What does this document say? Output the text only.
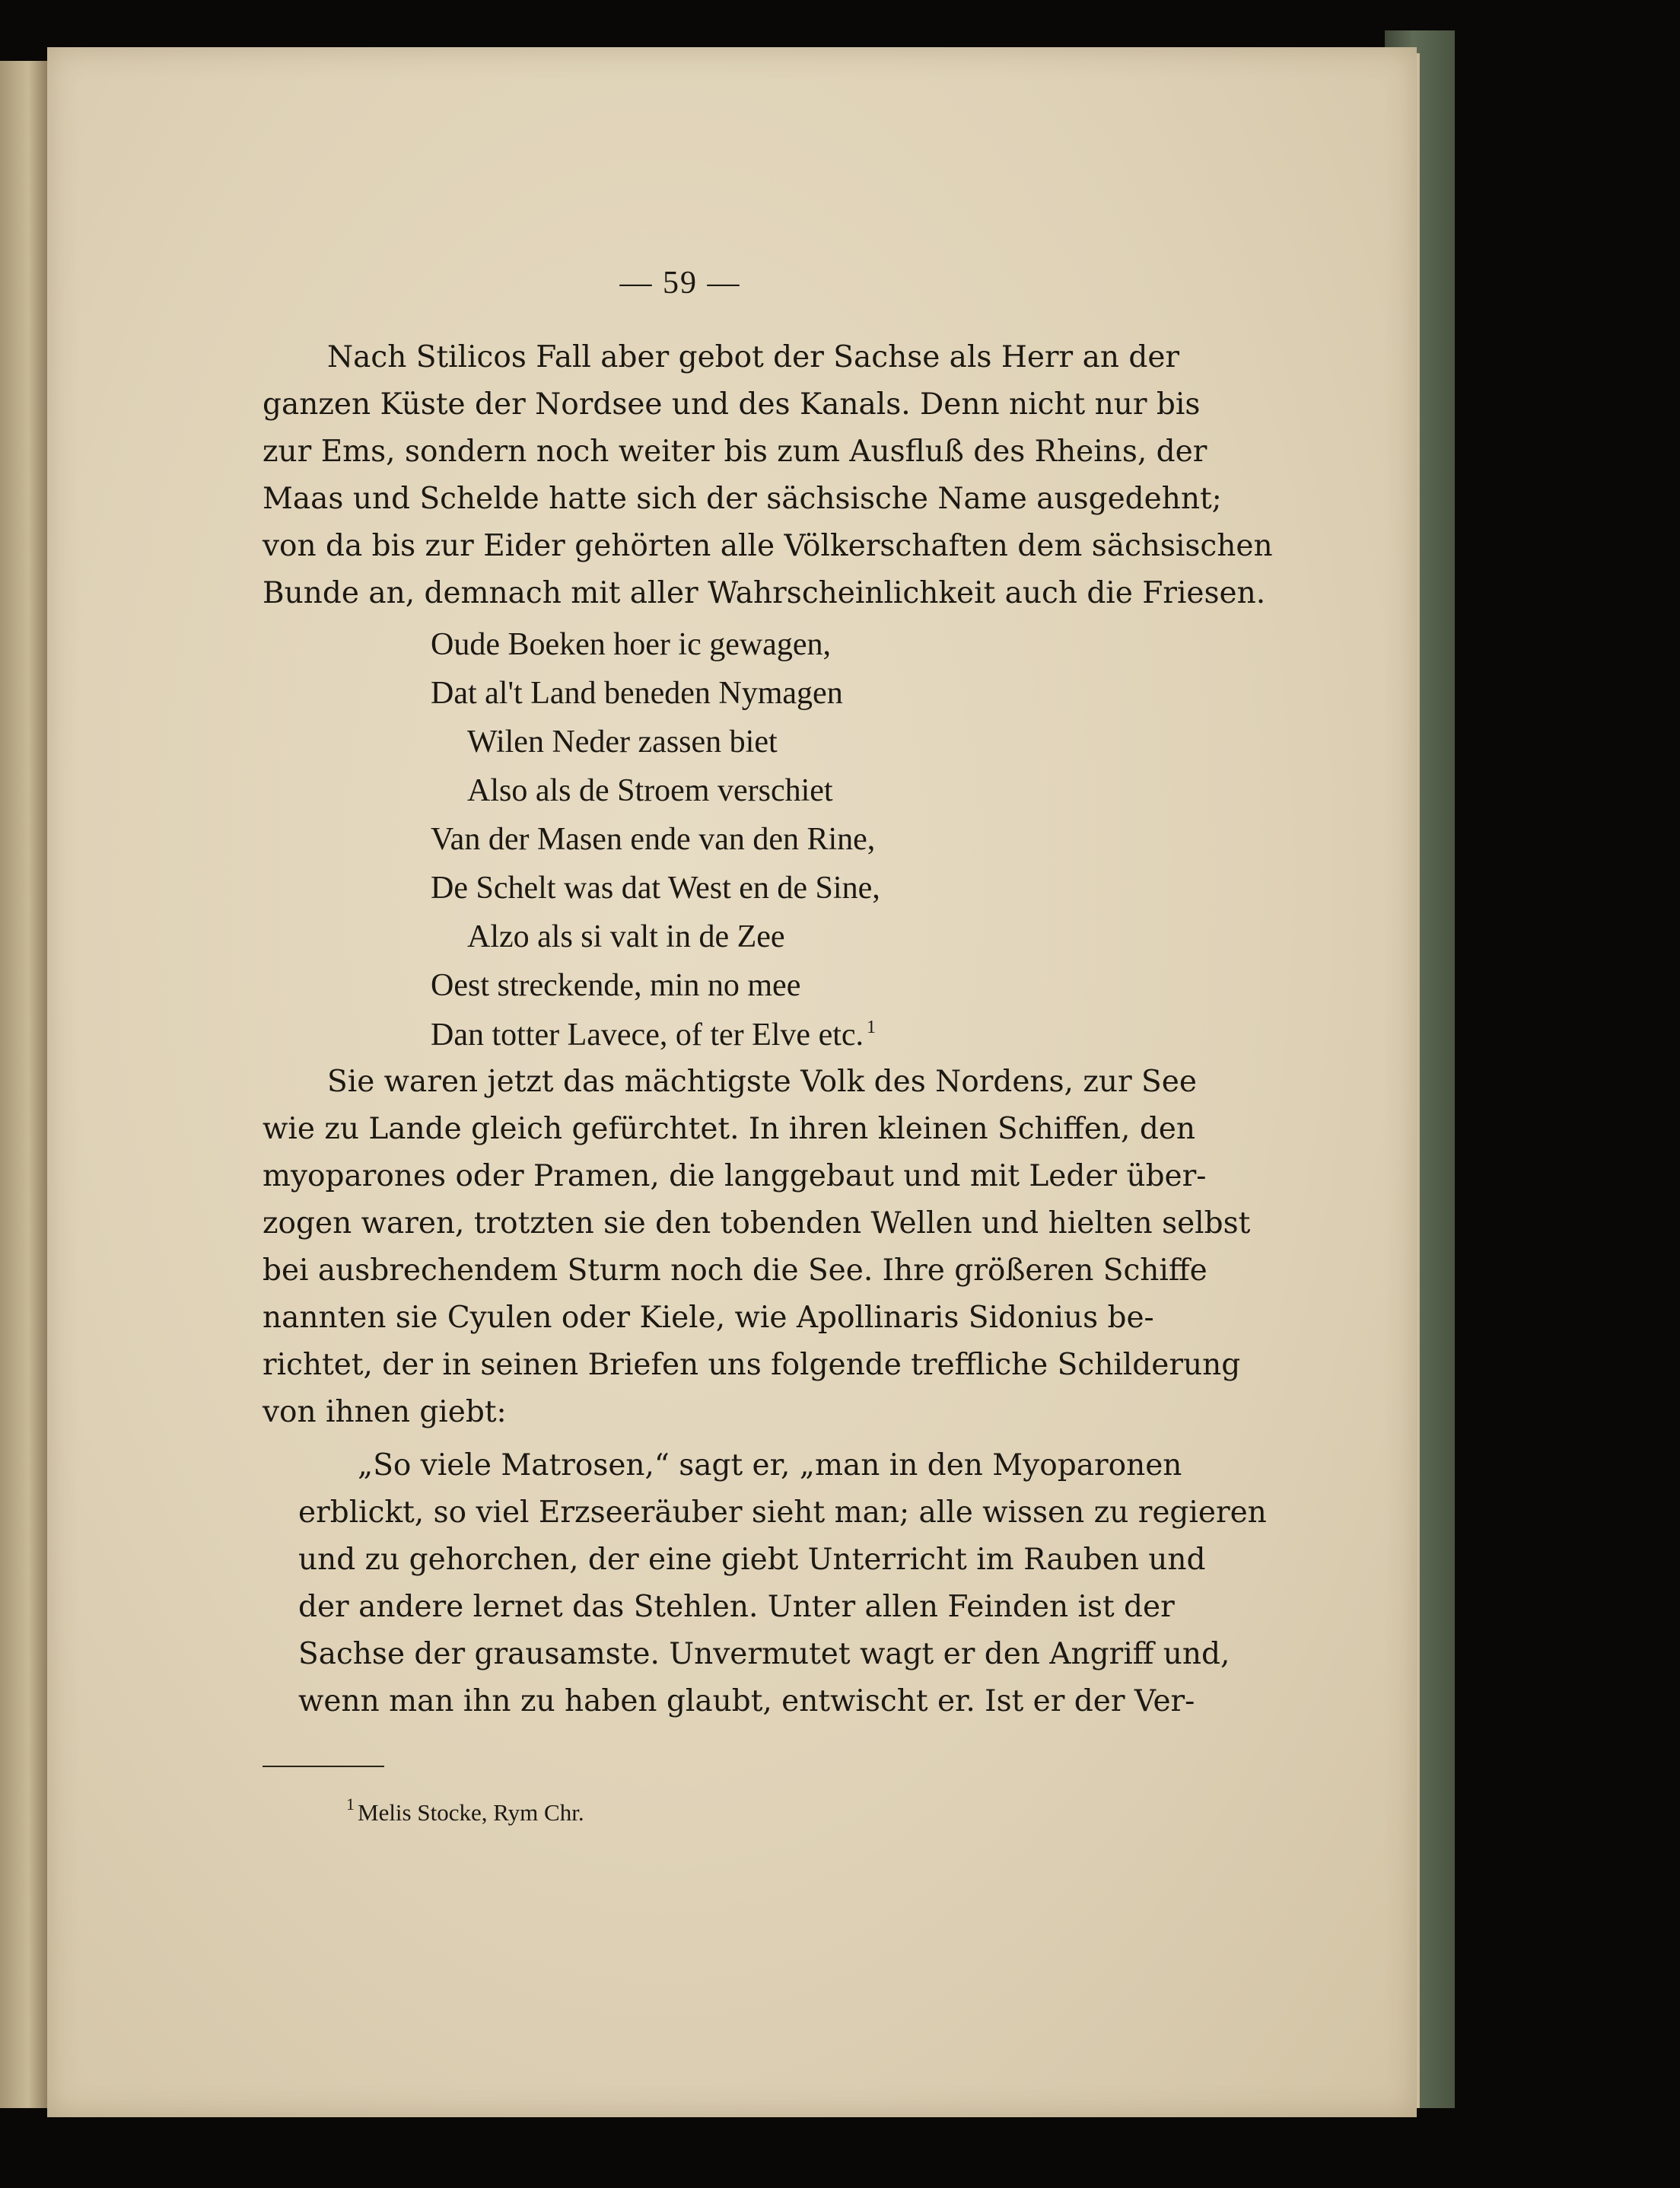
— 59 —
Nach Stilicos Fall aber gebot der Sachse als Herr an der
ganzen Küste der Nordsee und des Kanals. Denn nicht nur bis
zur Ems, sondern noch weiter bis zum Ausfluß des Rheins, der
Maas und Schelde hatte sich der sächsische Name ausgedehnt;
von da bis zur Eider gehörten alle Völkerschaften dem sächsischen
Bunde an, demnach mit aller Wahrscheinlichkeit auch die Friesen.
Oude Boeken hoer ic gewagen,
Dat al't Land beneden Nymagen
Wilen Neder zassen biet
Also als de Stroem verschiet
Van der Masen ende van den Rine,
De Schelt was dat West en de Sine,
Alzo als si valt in de Zee
Oest streckende, min no mee
Dan totter Lavece, of ter Elve etc. $^1$
Sie waren jetzt das mächtigste Volk des Nordens, zur See
wie zu Lande gleich gefürchtet. In ihren kleinen Schiffen, den
myoparones oder Pramen, die langgebaut und mit Leder über-
zogen waren, trotzten sie den tobenden Wellen und hielten selbst
bei ausbrechendem Sturm noch die See. Ihre größeren Schiffe
nannten sie Cyulen oder Kiele, wie Apollinaris Sidonius be-
richtet, der in seinen Briefen uns folgende treffliche Schilderung
von ihnen giebt:
„So viele Matrosen,“ sagt er, „man in den Myoparonen
erblickt, so viel Erzseeräuber sieht man; alle wissen zu regieren
und zu gehorchen, der eine giebt Unterricht im Rauben und
der andere lernet das Stehlen. Unter allen Feinden ist der
Sachse der grausamste. Unvermutet wagt er den Angriff und,
wenn man ihn zu haben glaubt, entwischt er. Ist er der Ver-
$^1$ Melis Stocke, Rym Chr.
